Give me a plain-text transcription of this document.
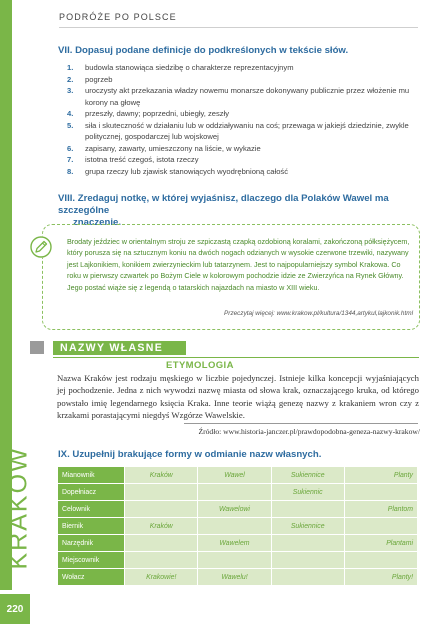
KRAKÓW
220
PODRÓŻE PO POLSCE
VII. Dopasuj podane definicje do podkreślonych w tekście słów.
1. budowla stanowiąca siedzibę o charakterze reprezentacyjnym
2. pogrzeb
3. uroczysty akt przekazania władzy nowemu monarsze dokonywany publicznie przez włożenie mu korony na głowę
4. przeszły, dawny; poprzedni, ubiegły, zeszły
5. siła i skuteczność w działaniu lub w oddziaływaniu na coś; przewaga w jakiejś dziedzinie, zwykle politycznej, gospodarczej lub wojskowej
6. zapisany, zawarty, umieszczony na liście, w wykazie
7. istotna treść czegoś, istota rzeczy
8. grupa rzeczy lub zjawisk stanowiących wyodrębnioną całość
VIII. Zredaguj notkę, w której wyjaśnisz, dlaczego dla Polaków Wawel ma szczególne
znaczenie.
Brodaty jeździec w orientalnym stroju ze szpiczastą czapką ozdobioną koralami, zakończoną półksiężycem, który porusza się na sztucznym koniu na dwóch nogach odzianych w wysokie czerwone trzewiki, nazywany jest Lajkonikiem, konikiem zwierzynieckim lub tatarzynem. Jest to najpopularniejszy symbol Krakowa. Co roku w pierwszy czwartek po Bożym Ciele w kolorowym pochodzie idzie ze Zwierzyńca na Rynek Główny. Jego postać wiąże się z legendą o tatarskich najazdach na miasto w XIII wieku.
Przeczytaj więcej: www.krakow.pl/kultura/1344,artykul,lajkonik.html
NAZWY WŁASNE
ETYMOLOGIA
Nazwa Kraków jest rodzaju męskiego w liczbie pojedynczej. Istnieje kilka koncepcji wyjaśniających jej pochodzenie. Jedna z nich wywodzi nazwę miasta od słowa krak, oznaczającego kruka, od którego powstało imię legendarnego księcia Kraka. Inne teorie wiążą genezę nazwy z krakaniem wron czy z krzakami porastającymi niegdyś Wzgórze Wawelskie.
Źródło: www.historia-janczer.pl/prawdopodobna-geneza-nazwy-krakow/
IX. Uzupełnij brakujące formy w odmianie nazw własnych.
Mianownik	Kraków	Wawel	Sukiennice	Planty
Dopełniacz			Sukiennic	
Celownik		Wawelowi		Plantom
Biernik	Kraków		Sukiennice	
Narzędnik		Wawelem		Plantami
Miejscownik				
Wołacz	Krakowie!	Wawelu!		Planty!
